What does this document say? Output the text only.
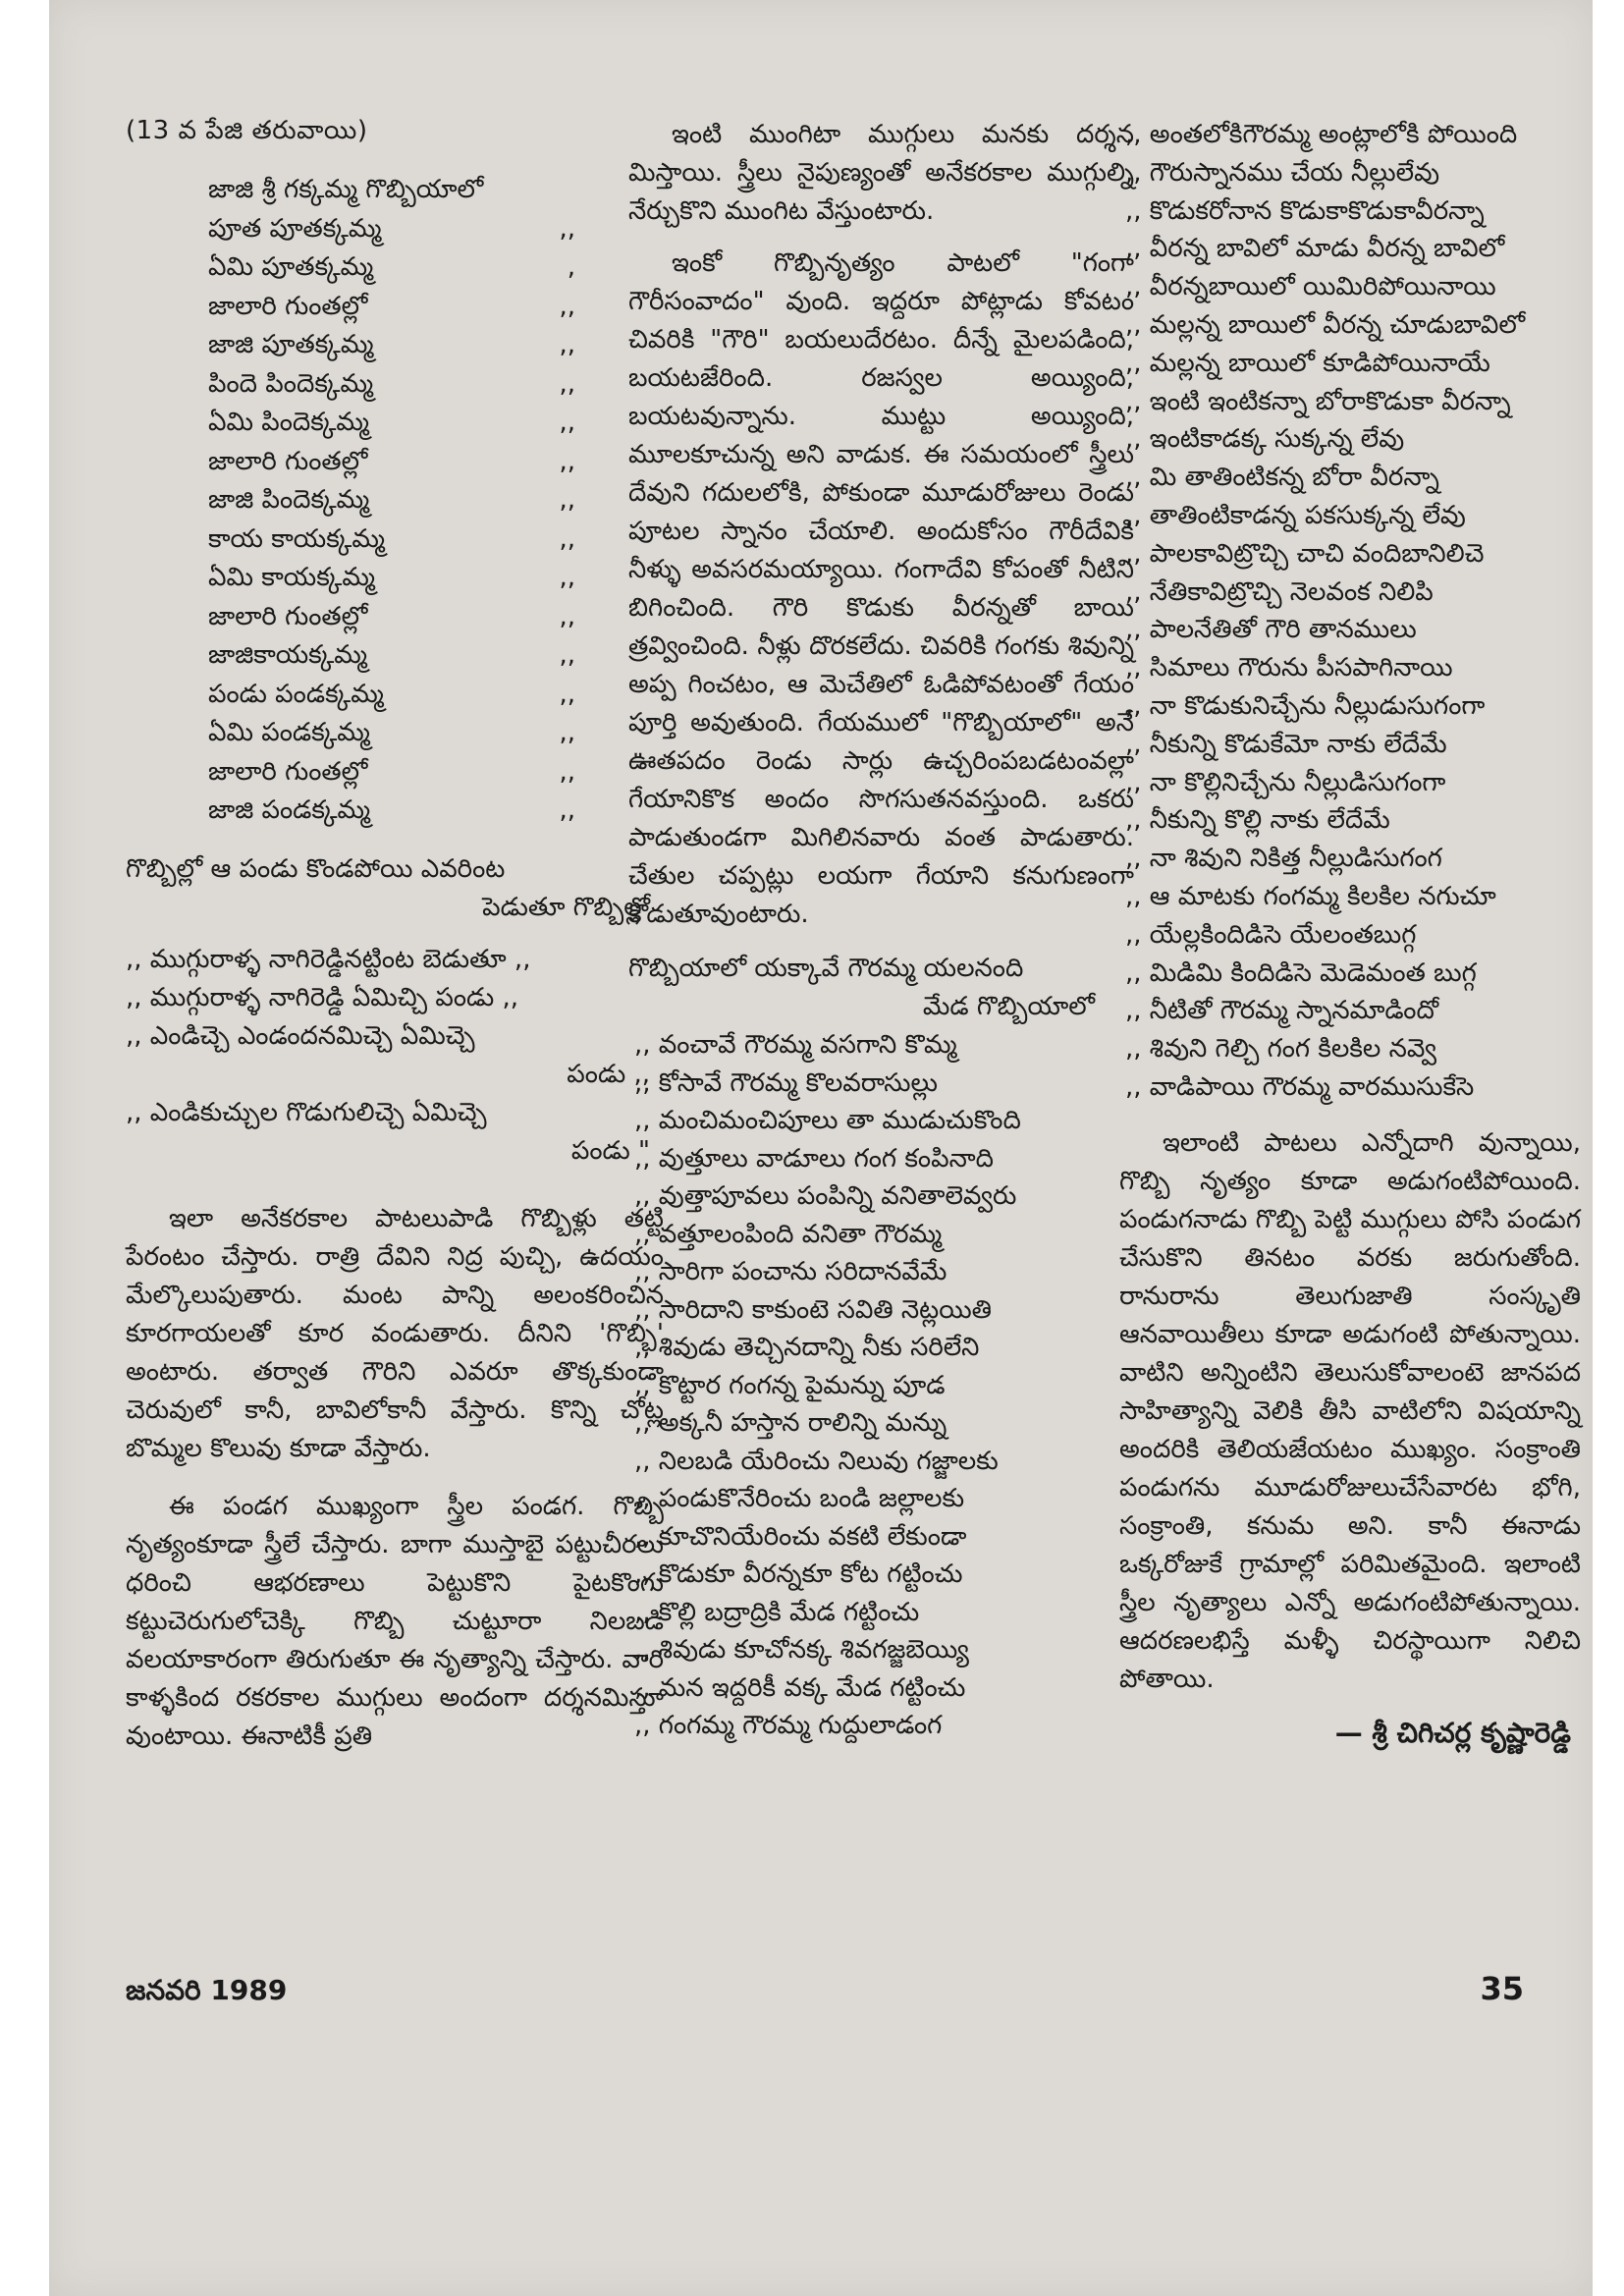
(13 వ పేజి తరువాయి)
జాజి శ్రీ గక్కమ్మ గొబ్బియాలో
పూత పూతక్కమ్మ	,,
ఏమి పూతక్కమ్మ	,
జాలారి గుంతల్లో	,,
జాజి పూతక్కమ్మ	,,
పిందె పిందెక్కమ్మ	,,
ఏమి పిందెక్కమ్మ	,,
జాలారి గుంతల్లో	,,
జాజి పిందెక్కమ్మ	,,
కాయ కాయక్కమ్మ	,,
ఏమి కాయక్కమ్మ	,,
జాలారి గుంతల్లో	,,
జాజికాయక్కమ్మ	,,
పండు పండక్కమ్మ	,,
ఏమి పండక్కమ్మ	,,
జాలారి గుంతల్లో	,,
జాజి పండక్కమ్మ	,,

గొబ్బిల్లో ఆ పండు కొండపోయి ఎవరింట

పెడుతూ గొబ్బిల్లో

,, ముగ్గురాళ్ళ నాగిరెడ్డినట్టింట బెడుతూ ,,

,, ముగ్గురాళ్ళ నాగిరెడ్డి ఏమిచ్చి పండు ,,

,, ఎండిచ్చె ఎండందనమిచ్చె ఏమిచ్చె

పండు ,,

,, ఎండికుచ్చుల గొడుగులిచ్చె ఏమిచ్చె

పండు "

ఇలా అనేకరకాల పాటలుపాడి గొబ్బిళ్లు తట్టి పేరంటం చేస్తారు. రాత్రి దేవిని నిద్ర పుచ్చి, ఉదయం మేల్కొలుపుతారు. మంట పాన్ని అలంకరించిన కూరగాయలతో కూర వండుతారు. దీనిని 'గొబ్బి' అంటారు. తర్వాత గౌరిని ఎవరూ తొక్కకుండా చెరువులో కానీ, బావిలోకానీ వేస్తారు. కొన్ని చోట్ల బొమ్మల కొలువు కూడా వేస్తారు.

ఈ పండగ ముఖ్యంగా స్త్రీల పండగ. గొబ్బి నృత్యంకూడా స్త్రీలే చేస్తారు. బాగా ముస్తాబై పట్టుచీరలు ధరించి ఆభరణాలు పెట్టుకొని పైటకొంగు కట్టుచెరుగులోచెక్కి గొబ్బి చుట్టూరా నిలబడి వలయాకారంగా తిరుగుతూ ఈ నృత్యాన్ని చేస్తారు. వారి కాళ్ళకింద రకరకాల ముగ్గులు అందంగా దర్శనమిస్తూ వుంటాయి. ఈనాటికీ ప్రతి

ఇంటి ముంగిటా ముగ్గులు మనకు దర్శన మిస్తాయి. స్త్రీలు నైపుణ్యంతో అనేకరకాల ముగ్గుల్ని నేర్చుకొని ముంగిట వేస్తుంటారు.

ఇంకో గొబ్బినృత్యం పాటలో "గంగా గౌరీసంవాదం" వుంది. ఇద్దరూ పోట్లాడు కోవటం చివరికి "గౌరి" బయలుదేరటం. దీన్నే మైలపడింది, బయటజేరింది. రజస్వల అయ్యింది, బయటవున్నాను. ముట్టు అయ్యింది, మూలకూచున్న అని వాడుక. ఈ సమయంలో స్త్రీలు దేవుని గదులలోకి, పోకుండా మూడురోజులు రెండు పూటల స్నానం చేయాలి. అందుకోసం గౌరీదేవికి నీళ్ళు అవసరమయ్యాయి. గంగాదేవి కోపంతో నీటిని బిగించింది. గౌరి కొడుకు వీరన్నతో బాయి త్రవ్వించింది. నీళ్లు దొరకలేదు. చివరికి గంగకు శివున్ని అప్ప గించటం, ఆ మెచేతిలో ఓడిపోవటంతో గేయం పూర్తి అవుతుంది. గేయములో "గొబ్బియాలో" అనే ఊతపదం రెండు సార్లు ఉచ్చరింపబడటంవల్లా గేయానికొక అందం సొగసుతనవస్తుంది. ఒకరు పాడుతుండగా మిగిలినవారు వంత పాడుతారు. చేతుల చప్పట్లు లయగా గేయాని కనుగుణంగా కొడుతూవుంటారు.

గొబ్బియాలో యక్కావే గౌరమ్మ యలనంది

మేడ గొబ్బియాలో

,, వంచావే గౌరమ్మ వసగాని కొమ్మ
,, కోసావే గౌరమ్మ కొలవరాసుల్లు
,, మంచిమంచిపూలు తా ముడుచుకొంది
,, వుత్తూలు వాడూలు గంగ కంపినాది
,, వుత్తాపూవలు పంపిన్ని వనితాలెవ్వరు
,, వత్తూలంపింది వనితా గౌరమ్మ
,, సారిగా పంచాను సరిదానవేమే
,, సారిదాని కాకుంటె సవితి నెట్లయితి
,, శివుడు తెచ్చినదాన్ని నీకు సరిలేని
,, కొట్టార గంగన్న పైమన్ను పూడ
,, అక్కనీ హస్తాన రాలిన్ని మన్ను
,, నిలబడి యేరించు నిలువు గజ్జాలకు
,, పండుకొనేరించు బండి జల్లాలకు
,, కూచొనియేరించు వకటి లేకుండా
,, కొడుకూ వీరన్నకూ కోట గట్టించు
,, కొల్లి బద్రాద్రికి మేడ గట్టించు
,, శివుడు కూచోనక్క శివగజ్జబెయ్యి
,, మన ఇద్దరికీ వక్క మేడ గట్టించు
,, గంగమ్మ గౌరమ్మ గుద్దులాడంగ
,, అంతలోకిగౌరమ్మ అంట్లాలోకి పోయింది
,, గౌరుస్నానము చేయ నీల్లులేవు
,, కొడుకరోనాన కొడుకాకొడుకావీరన్నా
,, వీరన్న బావిలో మాడు వీరన్న బావిలో
,, వీరన్నబాయిలో యిమిరిపోయినాయి
,, మల్లన్న బాయిలో వీరన్న చూడుబావిలో
,, మల్లన్న బాయిలో కూడిపోయినాయే
,, ఇంటి ఇంటికన్నా బోరాకొడుకా వీరన్నా
,, ఇంటికాడక్క సుక్కన్న లేవు
,, మి తాతింటికన్న బోరా వీరన్నా
,, తాతింటికాడన్న పకసుక్కన్న లేవు
,, పాలకావిట్రొచ్చి చాచి వందిబానిలిచె
,, నేతికావిట్రొచ్చి నెలవంక నిలిపి
,, పాలనేతితో గౌరి తానములు
,, సిమాలు గౌరును పీసపాగినాయి
,, నా కొడుకునిచ్చేను నీల్లుడుసుగంగా
,, నీకున్ని కొడుకేమో నాకు లేదేమే
,, నా కొల్లినిచ్చేను నీల్లుడిసుగంగా
,, నీకున్ని కొల్లి నాకు లేదేమే
,, నా శివుని నికిత్త నీల్లుడిసుగంగ
,, ఆ మాటకు గంగమ్మ కిలకిల నగుచూ
,, యేల్లకిందిడిసె యేలంతబుగ్గ
,, మిడిమి కిందిడిసె మెడెమంత బుగ్గ
,, నీటితో గౌరమ్మ స్నానమాడిందో
,, శివుని గెల్చి గంగ కిలకిల నవ్వె
,, వాడిపాయి గౌరమ్మ వారముసుకేసె

ఇలాంటి పాటలు ఎన్నోదాగి వున్నాయి, గొబ్బి నృత్యం కూడా అడుగంటిపోయింది. పండుగనాడు గొబ్బి పెట్టి ముగ్గులు పోసి పండుగ చేసుకొని తినటం వరకు జరుగుతోంది. రానురాను తెలుగుజాతి సంస్కృతి ఆనవాయితీలు కూడా అడుగంటి పోతున్నాయి. వాటిని అన్నింటిని తెలుసుకోవాలంటె జానపద సాహిత్యాన్ని వెలికి తీసి వాటిలోని విషయాన్ని అందరికి తెలియజేయటం ముఖ్యం. సంక్రాంతి పండుగను మూడురోజులుచేసేవారట భోగి, సంక్రాంతి, కనుమ అని. కానీ ఈనాడు ఒక్కరోజుకే గ్రామాల్లో పరిమితమైంది. ఇలాంటి స్త్రీల నృత్యాలు ఎన్నో అడుగంటిపోతున్నాయి. ఆదరణలభిస్తే మళ్ళీ చిరస్థాయిగా నిలిచి పోతాయి.

— శ్రీ చిగిచర్ల కృష్ణారెడ్డి
జనవరి 1989	35
